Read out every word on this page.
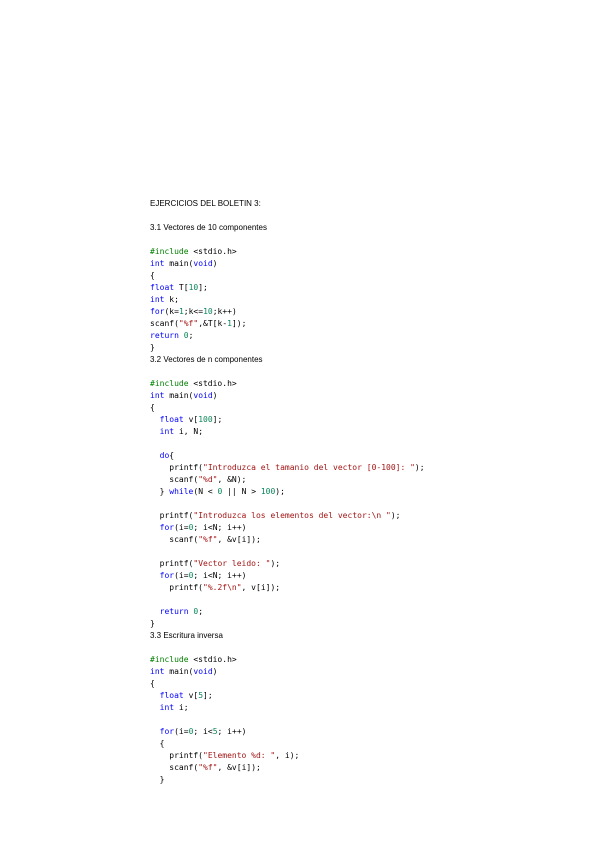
EJERCICIOS DEL BOLETIN 3:
3.1 Vectores de 10 componentes
#include <stdio.h>
int main(void)
{
float T[10];
int k;
for(k=1;k<=10;k++)
scanf("%f",&T[k-1]);
return 0;
}
3.2 Vectores de n componentes
#include <stdio.h>
int main(void)
{
float v[100];
int i, N;
do{
printf("Introduzca el tamanio del vector [0-100]: ");
scanf("%d", &N);
} while(N < 0 || N > 100);
printf("Introduzca los elementos del vector:\n ");
for(i=0; i<N; i++)
scanf("%f", &v[i]);
printf("Vector leido: ");
for(i=0; i<N; i++)
printf("%.2f\n", v[i]);
return 0;
}
3.3 Escritura inversa
#include <stdio.h>
int main(void)
{
float v[5];
int i;
for(i=0; i<5; i++)
{
printf("Elemento %d: ", i);
scanf("%f", &v[i]);
}
